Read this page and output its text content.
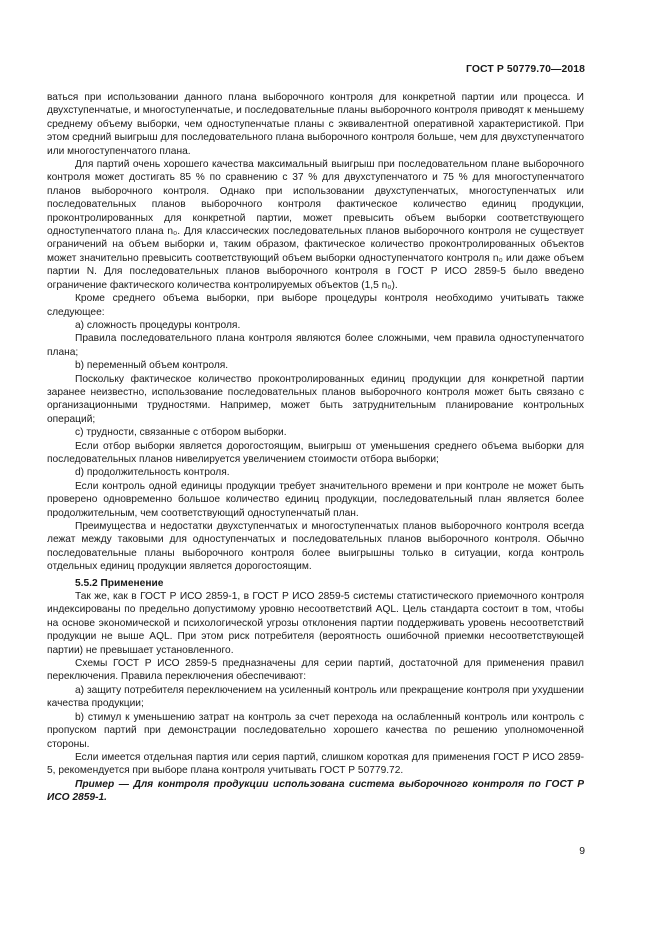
ГОСТ Р 50779.70—2018

ваться при использовании данного плана выборочного контроля для конкретной партии или процесса. И двухступенчатые, и многоступенчатые, и последовательные планы выборочного контроля приводят к меньшему среднему объему выборки, чем одноступенчатые планы с эквивалентной оперативной характеристикой. При этом средний выигрыш для последовательного плана выборочного контроля больше, чем для двухступенчатого или многоступенчатого плана.

Для партий очень хорошего качества максимальный выигрыш при последовательном плане выборочного контроля может достигать 85 % по сравнению с 37 % для двухступенчатого и 75 % для многоступенчатого планов выборочного контроля. Однако при использовании двухступенчатых, многоступенчатых или последовательных планов выборочного контроля фактическое количество единиц продукции, проконтролированных для конкретной партии, может превысить объем выборки соответствующего одноступенчатого плана n₀. Для классических последовательных планов выборочного контроля не существует ограничений на объем выборки и, таким образом, фактическое количество проконтролированных объектов может значительно превысить соответствующий объем выборки одноступенчатого контроля n₀ или даже объем партии N. Для последовательных планов выборочного контроля в ГОСТ Р ИСО 2859-5 было введено ограничение фактического количества контролируемых объектов (1,5 n₀).

Кроме среднего объема выборки, при выборе процедуры контроля необходимо учитывать также следующее:

а) сложность процедуры контроля.

Правила последовательного плана контроля являются более сложными, чем правила одноступенчатого плана;

b) переменный объем контроля.

Поскольку фактическое количество проконтролированных единиц продукции для конкретной партии заранее неизвестно, использование последовательных планов выборочного контроля может быть связано с организационными трудностями. Например, может быть затруднительным планирование контрольных операций;

с) трудности, связанные с отбором выборки.

Если отбор выборки является дорогостоящим, выигрыш от уменьшения среднего объема выборки для последовательных планов нивелируется увеличением стоимости отбора выборки;

d) продолжительность контроля.

Если контроль одной единицы продукции требует значительного времени и при контроле не может быть проверено одновременно большое количество единиц продукции, последовательный план является более продолжительным, чем соответствующий одноступенчатый план.

Преимущества и недостатки двухступенчатых и многоступенчатых планов выборочного контроля всегда лежат между таковыми для одноступенчатых и последовательных планов выборочного контроля. Обычно последовательные планы выборочного контроля более выигрышны только в ситуации, когда контроль отдельных единиц продукции является дорогостоящим.

5.5.2 Применение

Так же, как в ГОСТ Р ИСО 2859-1, в ГОСТ Р ИСО 2859-5 системы статистического приемочного контроля индексированы по предельно допустимому уровню несоответствий AQL. Цель стандарта состоит в том, чтобы на основе экономической и психологической угрозы отклонения партии поддерживать уровень несоответствий продукции не выше AQL. При этом риск потребителя (вероятность ошибочной приемки несоответствующей партии) не превышает установленного.

Схемы ГОСТ Р ИСО 2859-5 предназначены для серии партий, достаточной для применения правил переключения. Правила переключения обеспечивают:

а) защиту потребителя переключением на усиленный контроль или прекращение контроля при ухудшении качества продукции;

b) стимул к уменьшению затрат на контроль за счет перехода на ослабленный контроль или контроль с пропуском партий при демонстрации последовательно хорошего качества по решению уполномоченной стороны.

Если имеется отдельная партия или серия партий, слишком короткая для применения ГОСТ Р ИСО 2859-5, рекомендуется при выборе плана контроля учитывать ГОСТ Р 50779.72.

Пример — Для контроля продукции использована система выборочного контроля по ГОСТ Р ИСО 2859-1.

9
